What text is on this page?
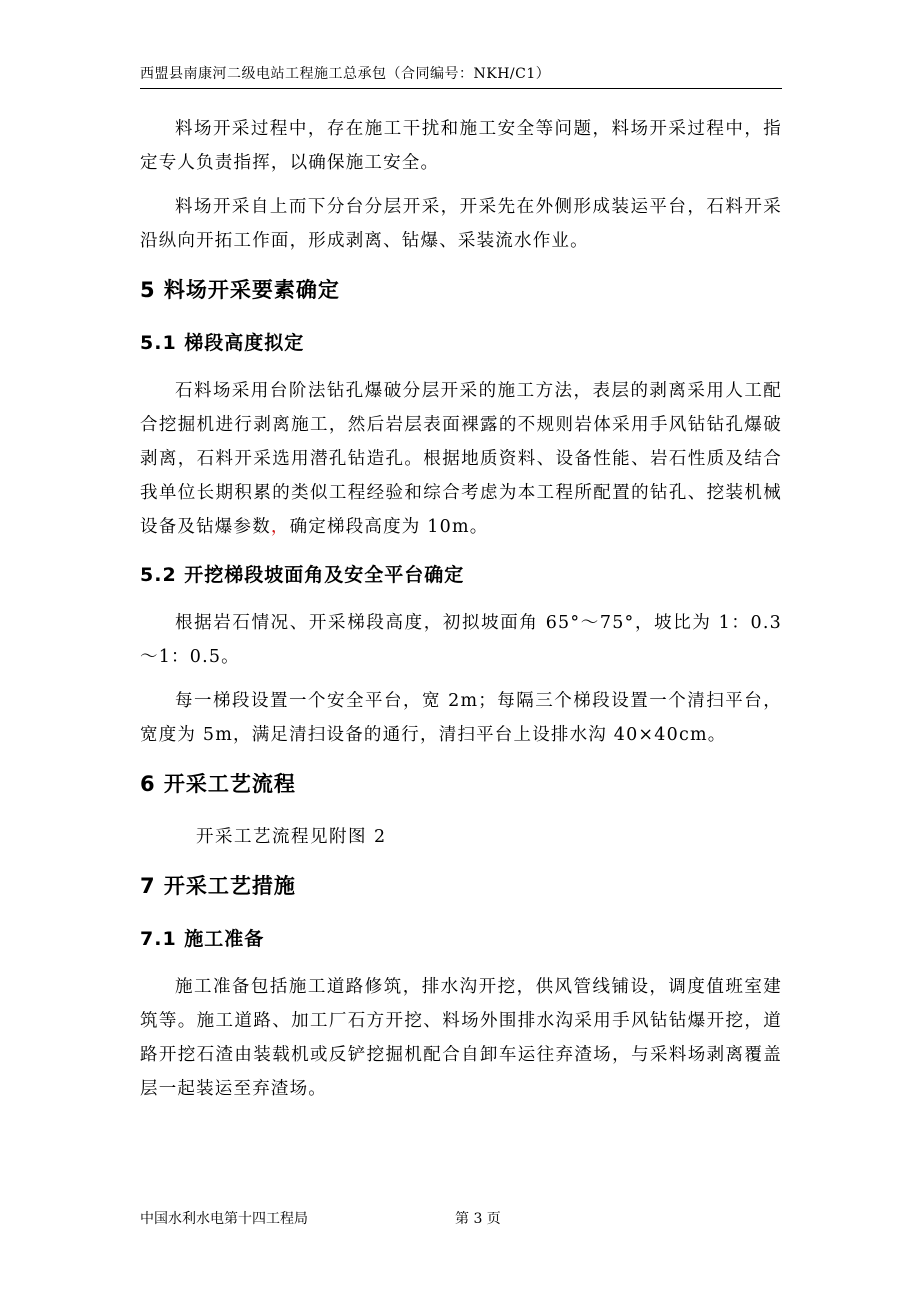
西盟县南康河二级电站工程施工总承包（合同编号：NKH/C1）

料场开采过程中，存在施工干扰和施工安全等问题，料场开采过程中，指定专人负责指挥，以确保施工安全。

料场开采自上而下分台分层开采，开采先在外侧形成装运平台，石料开采沿纵向开拓工作面，形成剥离、钻爆、采装流水作业。

5 料场开采要素确定
5.1 梯段高度拟定

石料场采用台阶法钻孔爆破分层开采的施工方法，表层的剥离采用人工配合挖掘机进行剥离施工，然后岩层表面裸露的不规则岩体采用手风钻钻孔爆破剥离，石料开采选用潜孔钻造孔。根据地质资料、设备性能、岩石性质及结合我单位长期积累的类似工程经验和综合考虑为本工程所配置的钻孔、挖装机械设备及钻爆参数，确定梯段高度为 10m。

5.2 开挖梯段坡面角及安全平台确定

根据岩石情况、开采梯段高度，初拟坡面角 65°～75°，坡比为 1：0.3～1：0.5。

每一梯段设置一个安全平台，宽 2m；每隔三个梯段设置一个清扫平台，宽度为 5m，满足清扫设备的通行，清扫平台上设排水沟 40×40cm。

6 开采工艺流程

开采工艺流程见附图 2

7 开采工艺措施
7.1 施工准备

施工准备包括施工道路修筑，排水沟开挖，供风管线铺设，调度值班室建筑等。施工道路、加工厂石方开挖、料场外围排水沟采用手风钻钻爆开挖，道路开挖石渣由装载机或反铲挖掘机配合自卸车运往弃渣场，与采料场剥离覆盖层一起装运至弃渣场。

中国水利水电第十四工程局	第 3 页
